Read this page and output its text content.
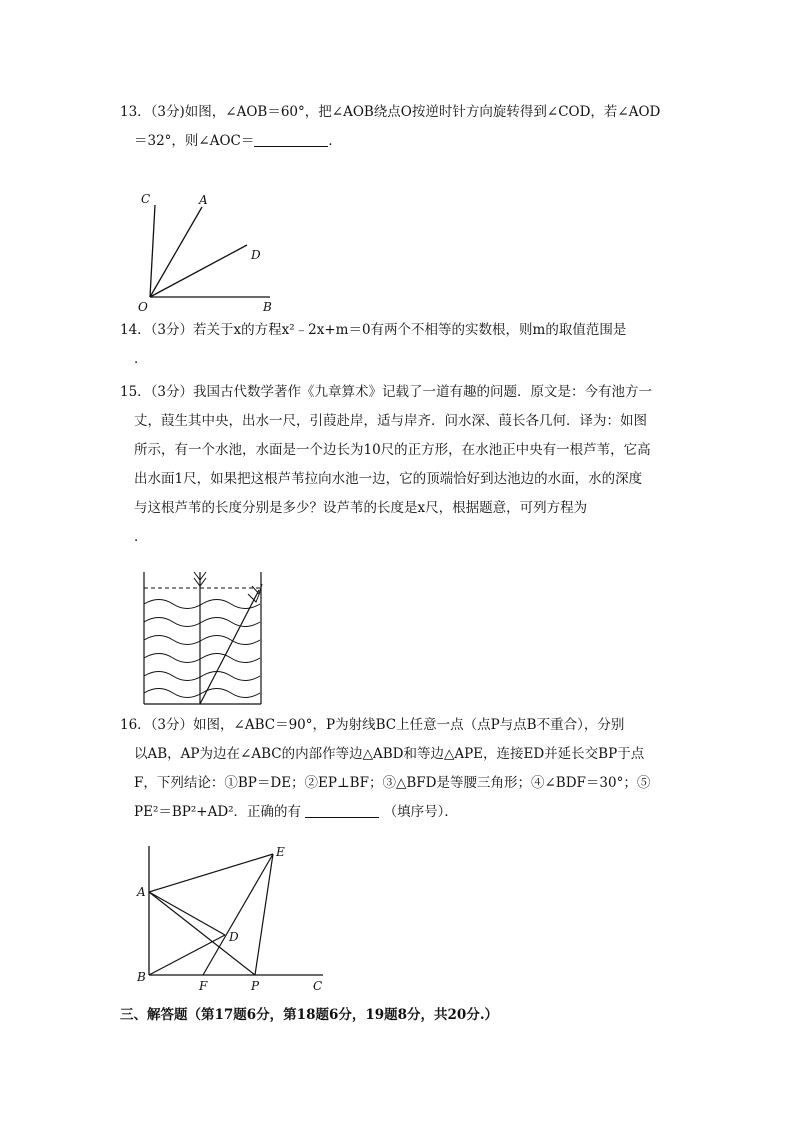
13．（3分)如图，∠AOB＝60°，把∠AOB绕点O按逆时针方向旋转得到∠COD，若∠AOD
＝32°，则∠AOC＝	．
C	A
D
O	B
14．（3分）若关于x的方程x²﹣2x+m＝0有两个不相等的实数根，则m的取值范围是
．
15．（3分）我国古代数学著作《九章算术》记载了一道有趣的问题．原文是：今有池方一
丈，葭生其中央，出水一尺，引葭赴岸，适与岸齐．问水深、葭长各几何．译为：如图
所示，有一个水池，水面是一个边长为10尺的正方形，在水池正中央有一根芦苇，它高
出水面1尺，如果把这根芦苇拉向水池一边，它的顶端恰好到达池边的水面，水的深度
与这根芦苇的长度分别是多少？设芦苇的长度是x尺，根据题意，可列方程为
．
16．（3分）如图，∠ABC＝90°，P为射线BC上任意一点（点P与点B不重合），分别
以AB，AP为边在∠ABC的内部作等边△ABD和等边△APE，连接ED并延长交BP于点
F，下列结论：①BP＝DE；②EP⊥BF；③△BFD是等腰三角形；④∠BDF＝30°；⑤
PE²＝BP²+AD²．正确的有	（填序号）．
E
A
D
B
F	P	C
三、解答题（第17题6分，第18题6分，19题8分，共20分.）
